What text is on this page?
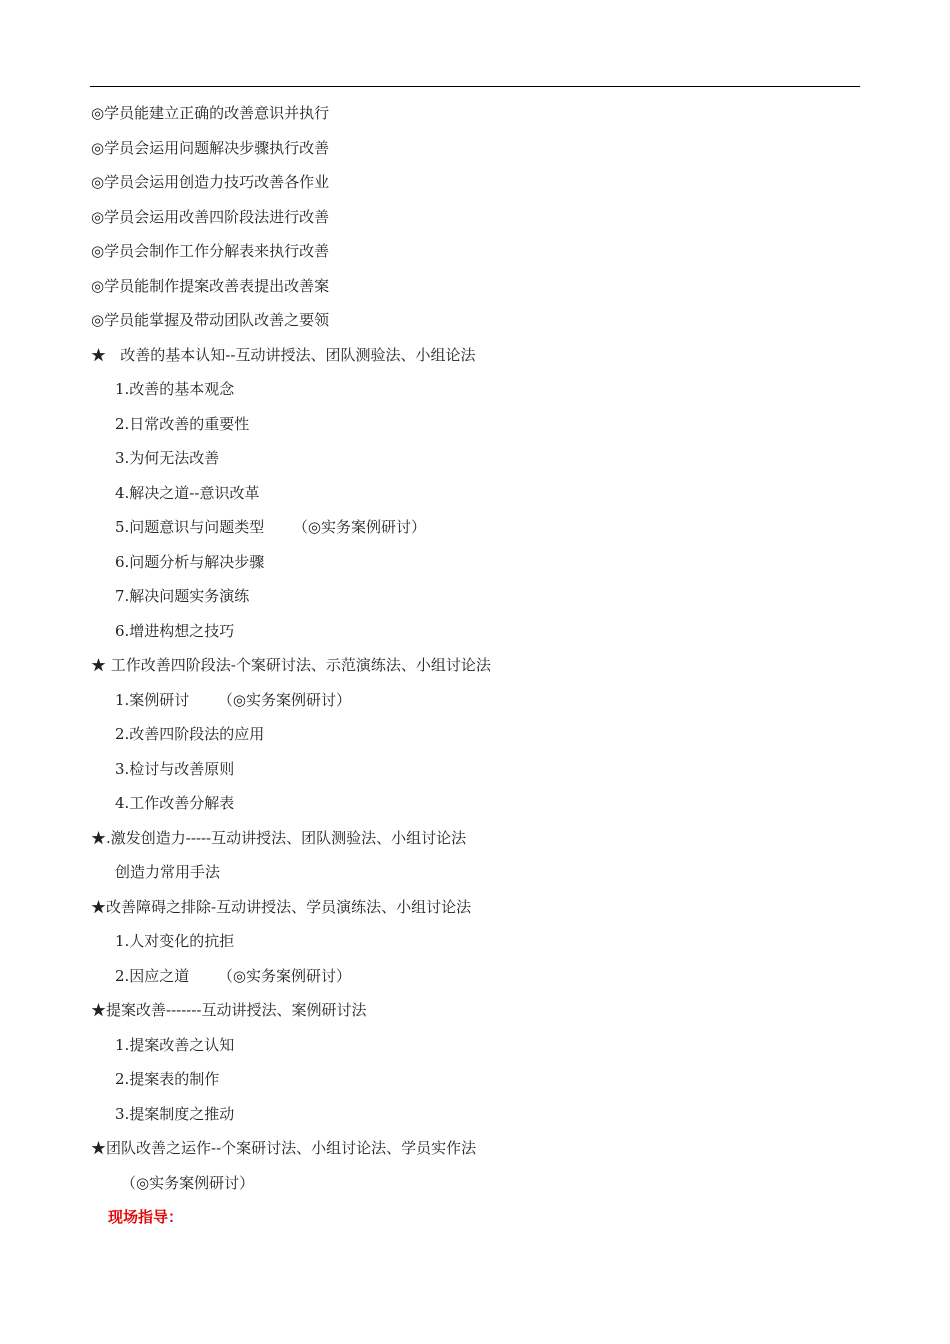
◎学员能建立正确的改善意识并执行
◎学员会运用问题解决步骤执行改善
◎学员会运用创造力技巧改善各作业
◎学员会运用改善四阶段法进行改善
◎学员会制作工作分解表来执行改善
◎学员能制作提案改善表提出改善案
◎学员能掌握及带动团队改善之要领
★   改善的基本认知--互动讲授法、团队测验法、小组论法
1.改善的基本观念
2.日常改善的重要性
3.为何无法改善
4.解决之道--意识改革
5.问题意识与问题类型      （◎实务案例研讨）
6.问题分析与解决步骤
7.解决问题实务演练
6.增进构想之技巧
★ 工作改善四阶段法-个案研讨法、示范演练法、小组讨论法
1.案例研讨      （◎实务案例研讨）
2.改善四阶段法的应用
3.检讨与改善原则
4.工作改善分解表
★.激发创造力-----互动讲授法、团队测验法、小组讨论法
创造力常用手法
★改善障碍之排除-互动讲授法、学员演练法、小组讨论法
1.人对变化的抗拒
2.因应之道      （◎实务案例研讨）
★提案改善-------互动讲授法、案例研讨法
1.提案改善之认知
2.提案表的制作
3.提案制度之推动
★团队改善之运作--个案研讨法、小组讨论法、学员实作法
（◎实务案例研讨）
现场指导：
